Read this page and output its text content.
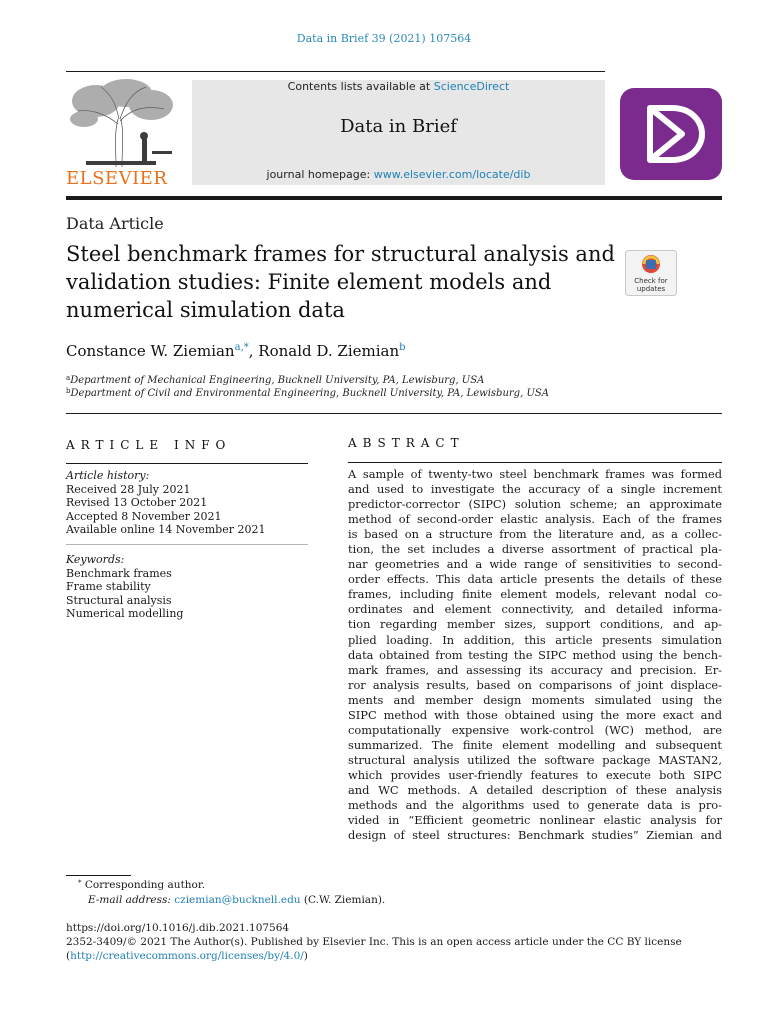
Data in Brief 39 (2021) 107564
ELSEVIER
Contents lists available at ScienceDirect
Data in Brief
journal homepage: www.elsevier.com/locate/dib
Data Article
Steel benchmark frames for structural analysis and validation studies: Finite element models and numerical simulation data
Check for
updates
Constance W. Ziemian$^{a,*}$, Ronald D. Ziemian$^b$
$^a$Department of Mechanical Engineering, Bucknell University, PA, Lewisburg, USA
$^b$Department of Civil and Environmental Engineering, Bucknell University, PA, Lewisburg, USA
ARTICLE INFO	ABSTRACT
Article history:
Received 28 July 2021
Revised 13 October 2021
Accepted 8 November 2021
Available online 14 November 2021
Keywords:
Benchmark frames
Frame stability
Structural analysis
Numerical modelling
A sample of twenty-two steel benchmark frames was formed
and used to investigate the accuracy of a single increment
predictor-corrector (SIPC) solution scheme; an approximate
method of second-order elastic analysis. Each of the frames
is based on a structure from the literature and, as a collec-
tion, the set includes a diverse assortment of practical pla-
nar geometries and a wide range of sensitivities to second-
order effects. This data article presents the details of these
frames, including finite element models, relevant nodal co-
ordinates and element connectivity, and detailed informa-
tion regarding member sizes, support conditions, and ap-
plied loading. In addition, this article presents simulation
data obtained from testing the SIPC method using the bench-
mark frames, and assessing its accuracy and precision. Er-
ror analysis results, based on comparisons of joint displace-
ments and member design moments simulated using the
SIPC method with those obtained using the more exact and
computationally expensive work-control (WC) method, are
summarized. The finite element modelling and subsequent
structural analysis utilized the software package MASTAN2,
which provides user-friendly features to execute both SIPC
and WC methods. A detailed description of these analysis
methods and the algorithms used to generate data is pro-
vided in “Efficient geometric nonlinear elastic analysis for
design of steel structures: Benchmark studies” Ziemian and
* Corresponding author.
E-mail address: cziemian@bucknell.edu (C.W. Ziemian).
https://doi.org/10.1016/j.dib.2021.107564
2352-3409/© 2021 The Author(s). Published by Elsevier Inc. This is an open access article under the CC BY license
(http://creativecommons.org/licenses/by/4.0/)
